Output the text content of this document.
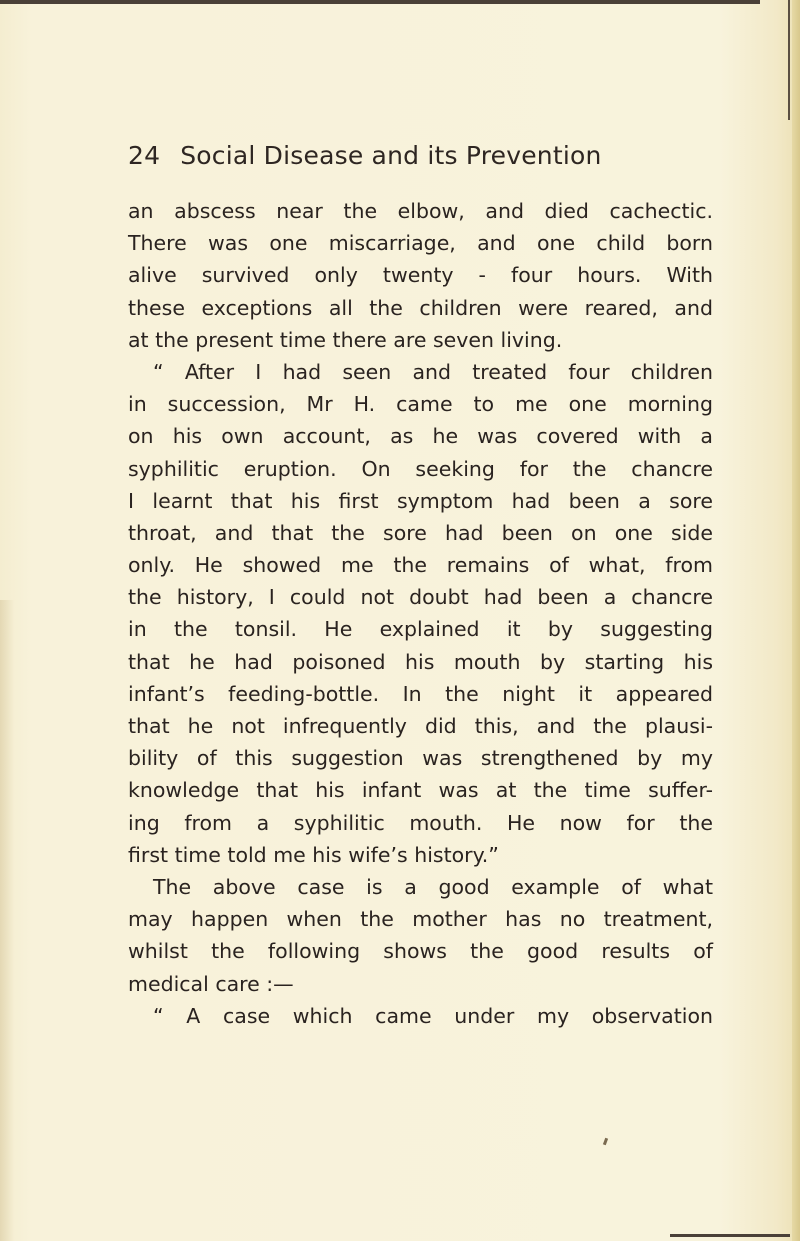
24 Social Disease and its Prevention
an abscess near the elbow, and died cachectic.
There was one miscarriage, and one child born
alive survived only twenty - four hours. With
these exceptions all the children were reared, and
at the present time there are seven living.
“ After I had seen and treated four children
in succession, Mr H. came to me one morning
on his own account, as he was covered with a
syphilitic eruption. On seeking for the chancre
I learnt that his first symptom had been a sore
throat, and that the sore had been on one side
only. He showed me the remains of what, from
the history, I could not doubt had been a chancre
in the tonsil. He explained it by suggesting
that he had poisoned his mouth by starting his
infant’s feeding-bottle. In the night it appeared
that he not infrequently did this, and the plausi-
bility of this suggestion was strengthened by my
knowledge that his infant was at the time suffer-
ing from a syphilitic mouth. He now for the
first time told me his wife’s history.”
The above case is a good example of what
may happen when the mother has no treatment,
whilst the following shows the good results of
medical care :—
“ A case which came under my observation
